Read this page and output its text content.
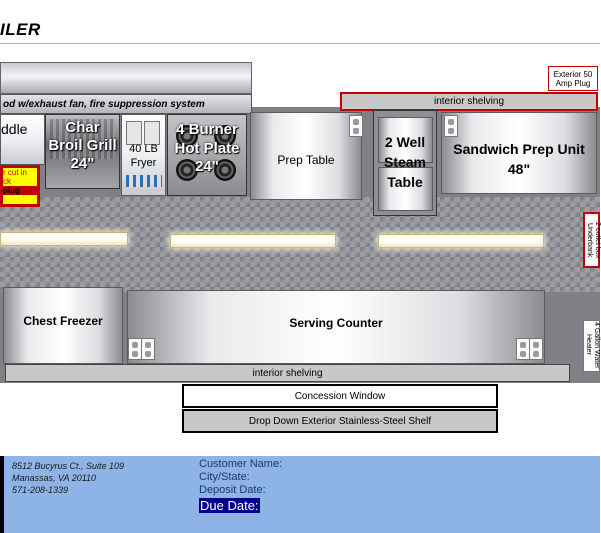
ILER
od w/exhaust fan, fire suppression system
Exterior 50 Amp Plug
interior shelving
ddle
r cut in
ck
plug
Char
Broil Grill
24"
40 LB
Fryer
4 Burner
Hot Plate
24"	Prep Table
2 Well
Steam
Table
Sandwich Prep Unit
48"
2 outlet box Underbank
Chest Freezer	Serving Counter	4 Gallon Water Heater
interior shelving
Concession Window
Drop Down Exterior Stainless-Steel Shelf
8512 Bucyrus Ct., Suite 109
Manassas, VA 20110
571-208-1339
Customer Name:
City/State:
Deposit Date:
Due Date:
